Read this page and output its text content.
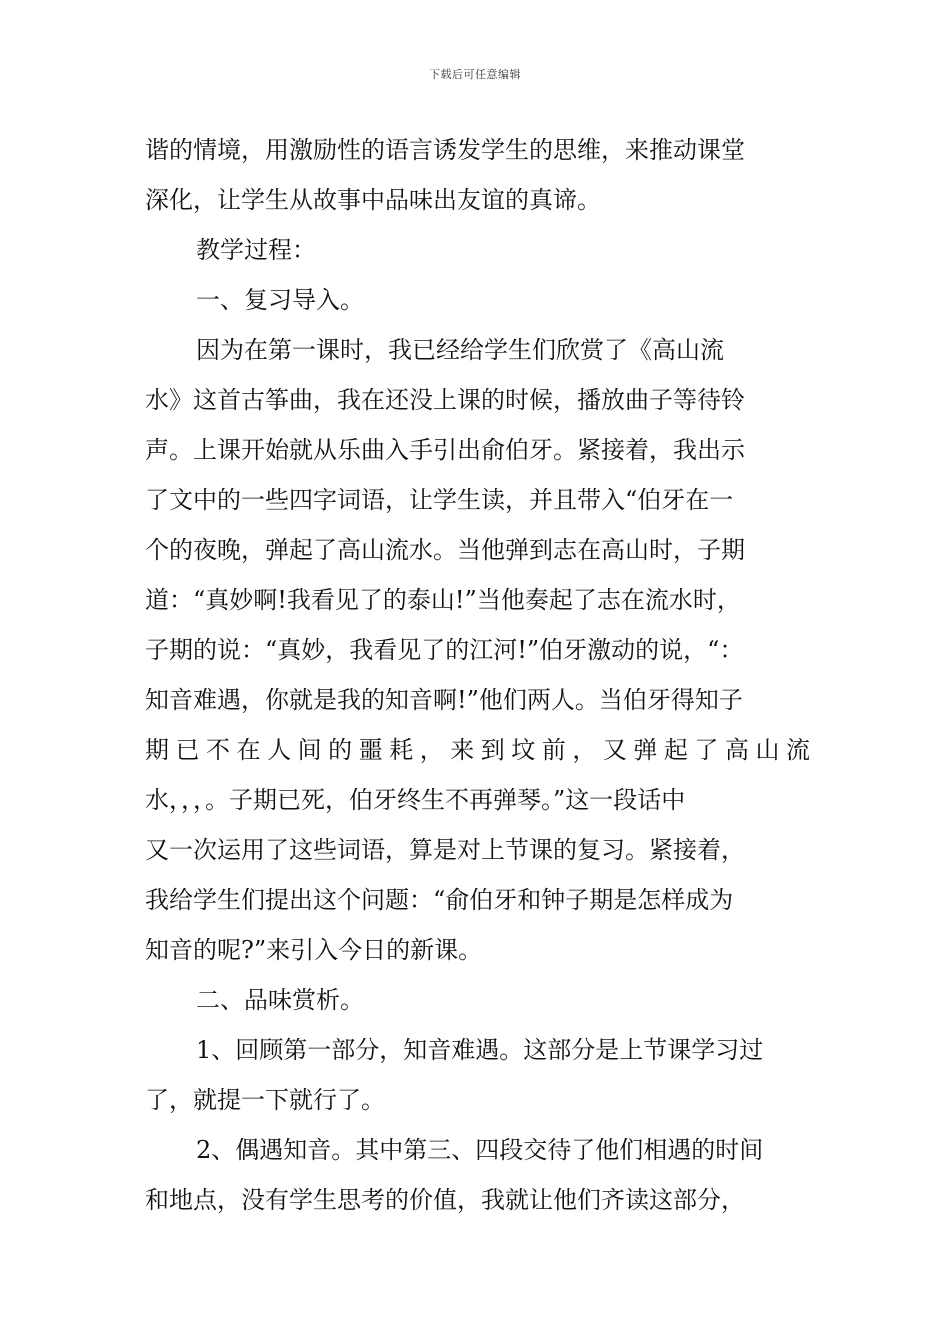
下载后可任意编辑
谐的情境，用激励性的语言诱发学生的思维，来推动课堂
深化，让学生从故事中品味出友谊的真谛。
教学过程：
一、复习导入。
因为在第一课时，我已经给学生们欣赏了《高山流
水》这首古筝曲，我在还没上课的时候，播放曲子等待铃
声。上课开始就从乐曲入手引出俞伯牙。紧接着，我出示
了文中的一些四字词语，让学生读，并且带入“伯牙在一
个的夜晚，弹起了高山流水。当他弹到志在高山时，子期
道：“真妙啊!我看见了的泰山!”当他奏起了志在流水时，
子期的说：“真妙，我看见了的江河!”伯牙激动的说，“：
知音难遇，你就是我的知音啊!”他们两人。当伯牙得知子
期已不在人间的噩耗，来到坟前，又弹起了高山流
水，，，。子期已死，伯牙终生不再弹琴。”这一段话中
又一次运用了这些词语，算是对上节课的复习。紧接着，
我给学生们提出这个问题：“俞伯牙和钟子期是怎样成为
知音的呢?”来引入今日的新课。
二、品味赏析。
1、回顾第一部分，知音难遇。这部分是上节课学习过
了，就提一下就行了。
2、偶遇知音。其中第三、四段交待了他们相遇的时间
和地点，没有学生思考的价值，我就让他们齐读这部分，
